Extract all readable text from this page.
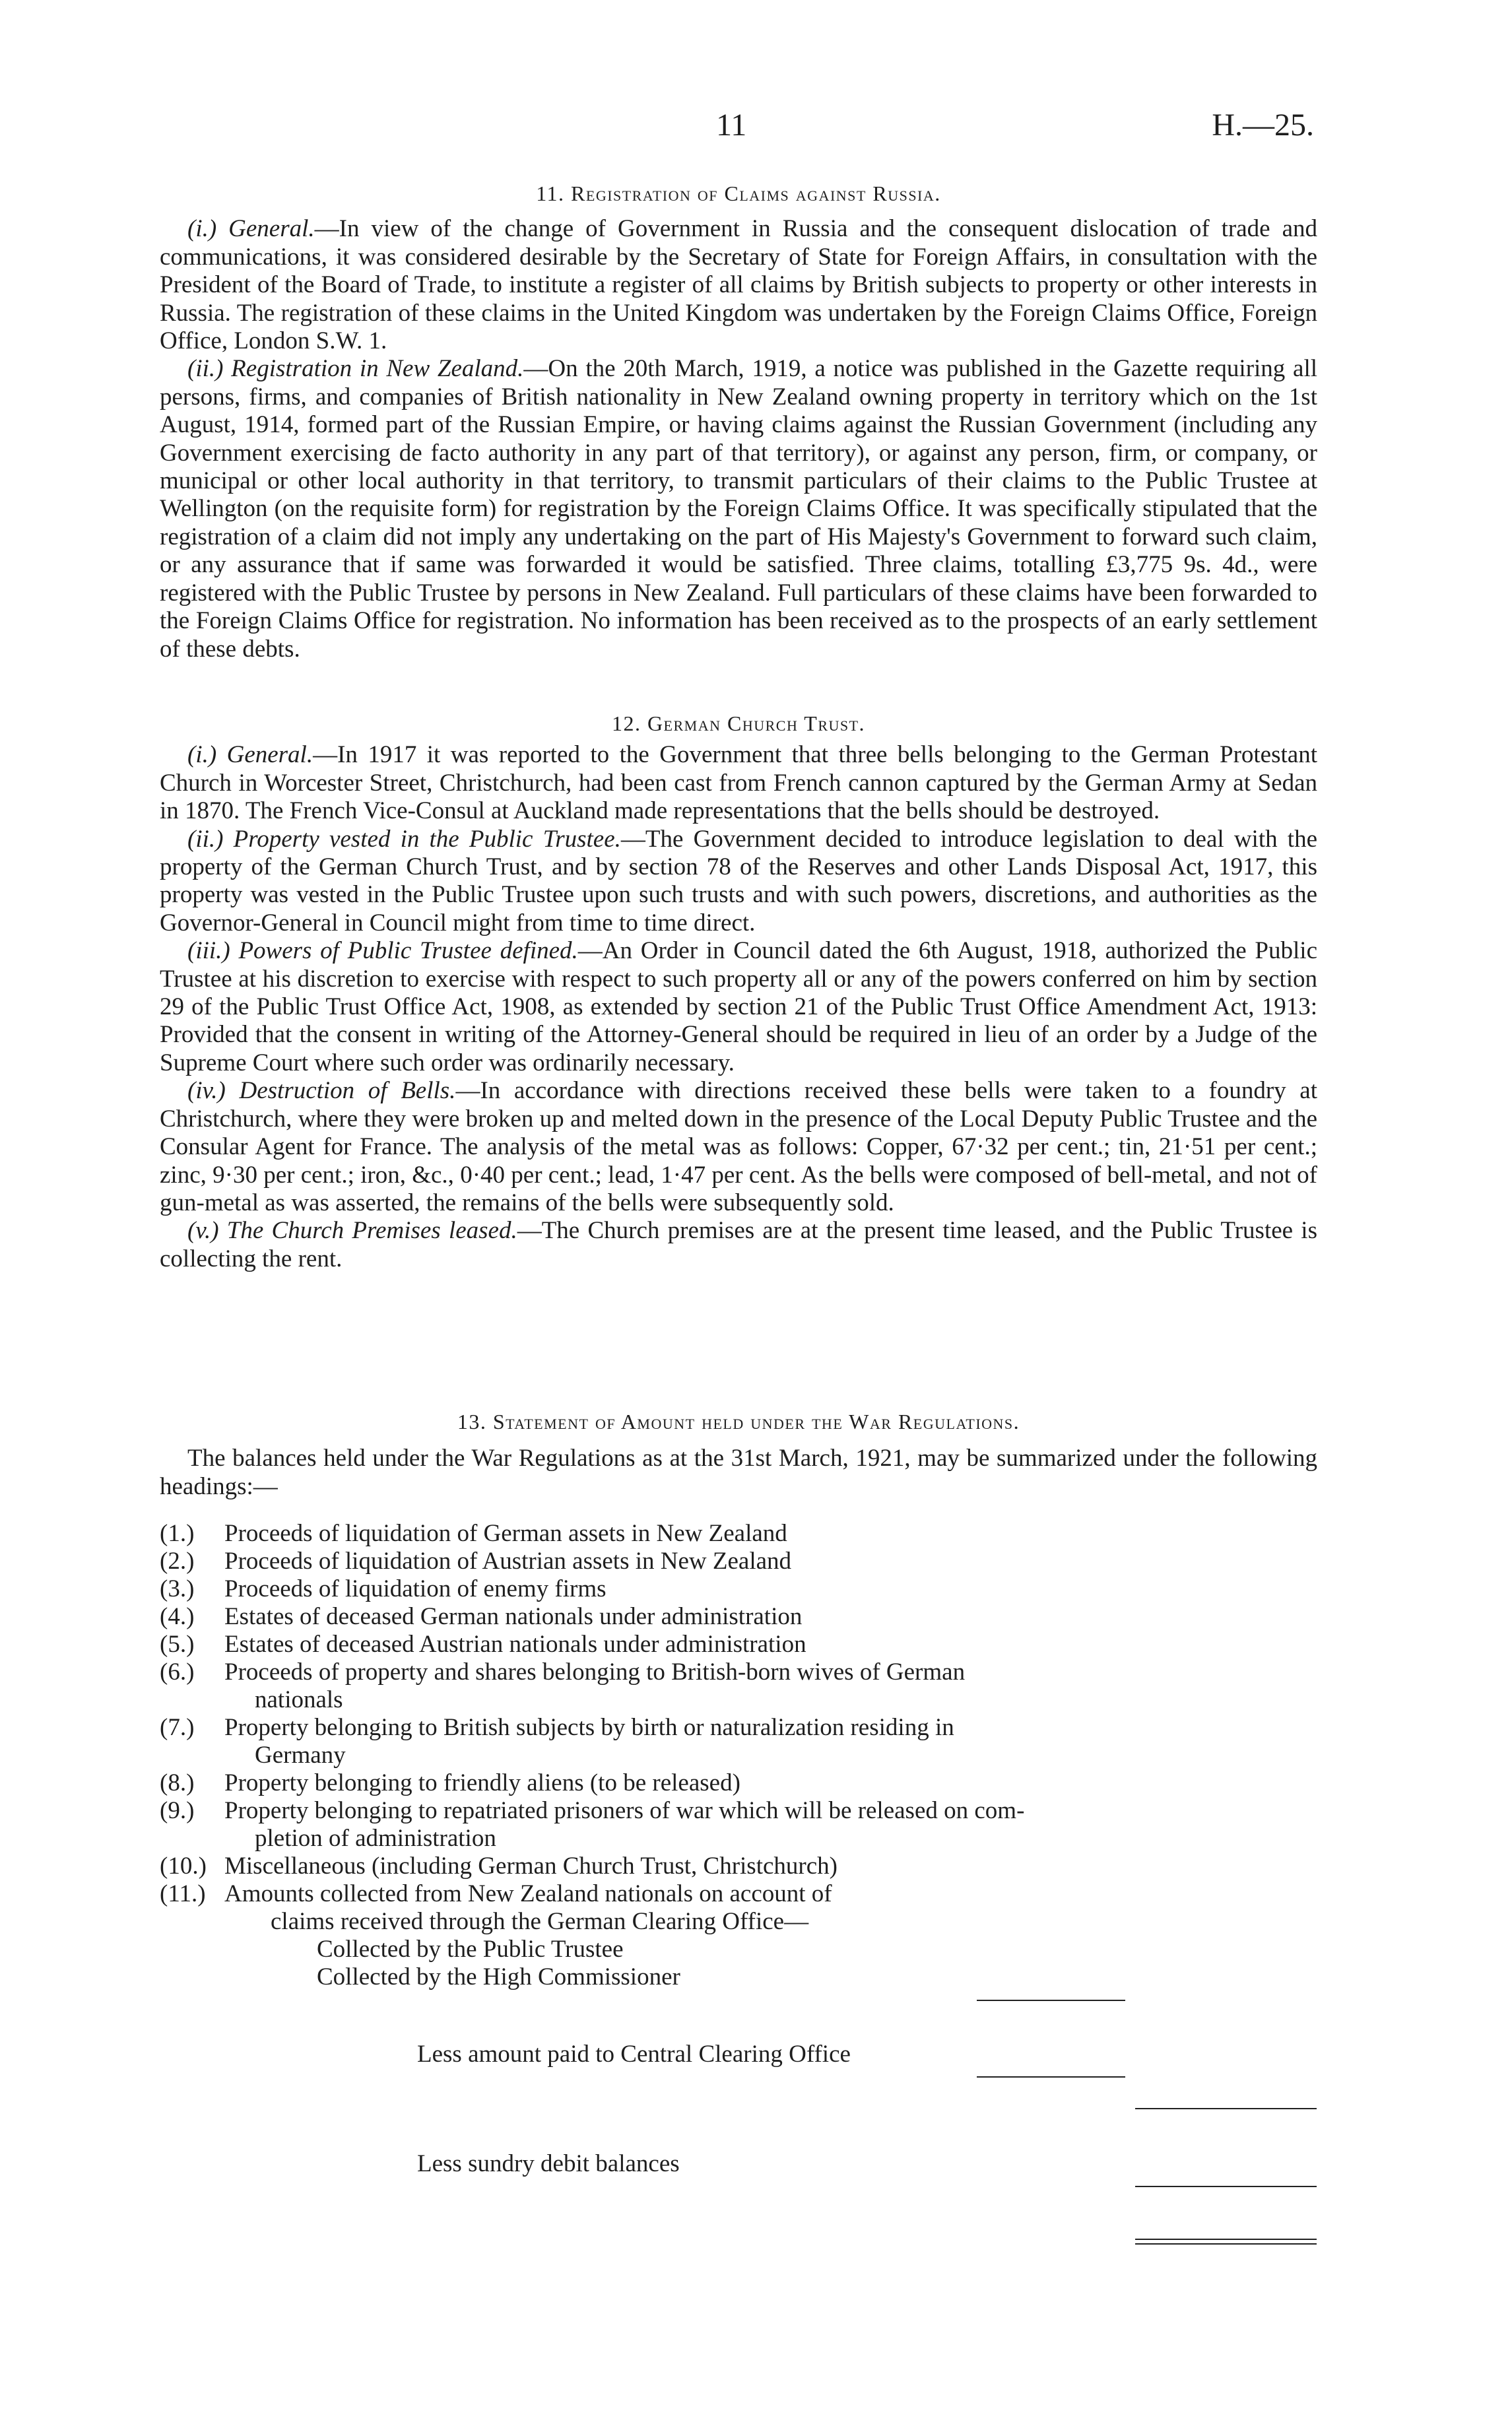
11	H.—25.
11. Registration of Claims against Russia.

(i.) General.—In view of the change of Government in Russia and the consequent dislocation of trade and communications, it was considered desirable by the Secretary of State for Foreign Affairs, in consultation with the President of the Board of Trade, to institute a register of all claims by British subjects to property or other interests in Russia. The registration of these claims in the United Kingdom was undertaken by the Foreign Claims Office, Foreign Office, London S.W. 1.

(ii.) Registration in New Zealand.—On the 20th March, 1919, a notice was published in the Gazette requiring all persons, firms, and companies of British nationality in New Zealand owning property in territory which on the 1st August, 1914, formed part of the Russian Empire, or having claims against the Russian Government (including any Government exercising de facto authority in any part of that territory), or against any person, firm, or company, or municipal or other local authority in that territory, to transmit particulars of their claims to the Public Trustee at Wellington (on the requisite form) for registration by the Foreign Claims Office. It was specifically stipulated that the registration of a claim did not imply any undertaking on the part of His Majesty's Government to forward such claim, or any assurance that if same was forwarded it would be satisfied. Three claims, totalling £3,775 9s. 4d., were registered with the Public Trustee by persons in New Zealand. Full particulars of these claims have been forwarded to the Foreign Claims Office for registration. No information has been received as to the prospects of an early settlement of these debts.

12. German Church Trust.

(i.) General.—In 1917 it was reported to the Government that three bells belonging to the German Protestant Church in Worcester Street, Christchurch, had been cast from French cannon captured by the German Army at Sedan in 1870. The French Vice-Consul at Auckland made representations that the bells should be destroyed.

(ii.) Property vested in the Public Trustee.—The Government decided to introduce legislation to deal with the property of the German Church Trust, and by section 78 of the Reserves and other Lands Disposal Act, 1917, this property was vested in the Public Trustee upon such trusts and with such powers, discretions, and authorities as the Governor-General in Council might from time to time direct.

(iii.) Powers of Public Trustee defined.—An Order in Council dated the 6th August, 1918, authorized the Public Trustee at his discretion to exercise with respect to such property all or any of the powers conferred on him by section 29 of the Public Trust Office Act, 1908, as extended by section 21 of the Public Trust Office Amendment Act, 1913: Provided that the consent in writing of the Attorney-General should be required in lieu of an order by a Judge of the Supreme Court where such order was ordinarily necessary.

(iv.) Destruction of Bells.—In accordance with directions received these bells were taken to a foundry at Christchurch, where they were broken up and melted down in the presence of the Local Deputy Public Trustee and the Consular Agent for France. The analysis of the metal was as follows: Copper, 67·32 per cent.; tin, 21·51 per cent.; zinc, 9·30 per cent.; iron, &c., 0·40 per cent.; lead, 1·47 per cent. As the bells were composed of bell-metal, and not of gun-metal as was asserted, the remains of the bells were subsequently sold.

(v.) The Church Premises leased.—The Church premises are at the present time leased, and the Public Trustee is collecting the rent.

13. Statement of Amount held under the War Regulations.

The balances held under the War Regulations as at the 31st March, 1921, may be summarized under the following headings:—

(1.) Proceeds of liquidation of German assets in New Zealand
(2.) Proceeds of liquidation of Austrian assets in New Zealand
(3.) Proceeds of liquidation of enemy firms
(4.) Estates of deceased German nationals under administration
(5.) Estates of deceased Austrian nationals under administration
(6.) Proceeds of property and shares belonging to British-born wives of German
nationals
(7.) Property belonging to British subjects by birth or naturalization residing in
Germany
(8.) Property belonging to friendly aliens (to be released)
(9.) Property belonging to repatriated prisoners of war which will be released on com-
pletion of administration
(10.) Miscellaneous (including German Church Trust, Christchurch)
(11.) Amounts collected from New Zealand nationals on account of
claims received through the German Clearing Office—
Collected by the Public Trustee
Collected by the High Commissioner
Less amount paid to Central Clearing Office
Less sundry debit balances
